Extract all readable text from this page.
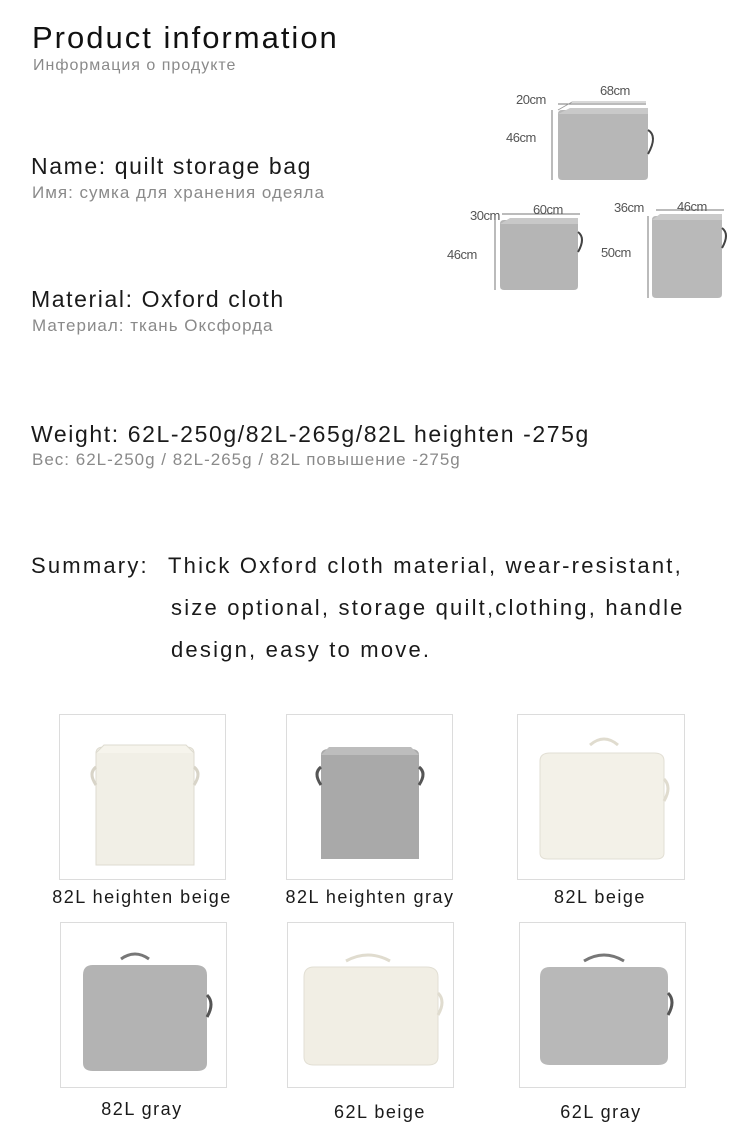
Product information
Информация о продукте
Name: quilt storage bag
Имя: сумка для хранения одеяла
Material: Oxford cloth
Материал: ткань Оксфорда
Weight: 62L-250g/82L-265g/82L heighten -275g
Вес: 62L-250g / 82L-265g / 82L повышение -275g
Summary: Thick Oxford cloth material, wear-resistant,
size optional, storage quilt,clothing, handle
design, easy to move.
20cm
68cm
46cm
30cm	60cm
46cm
36cm	46cm
50cm
82L heighten beige	82L heighten gray	82L beige
82L gray	62L beige	62L gray
